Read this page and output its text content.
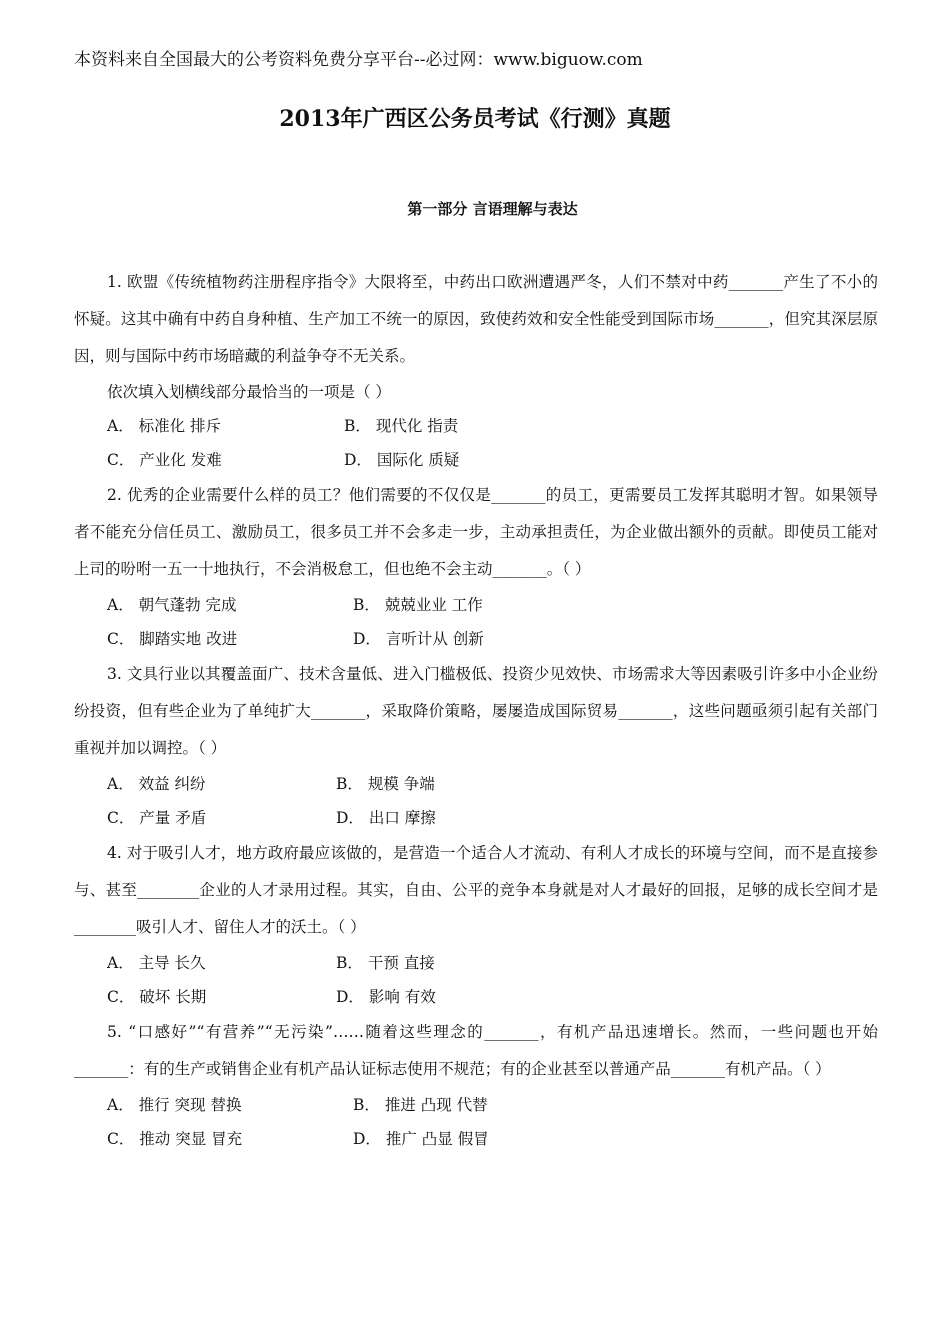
本资料来自全国最大的公考资料免费分享平台--必过网：www.biguow.com
2013年广西区公务员考试《行测》真题
第一部分 言语理解与表达

1. 欧盟《传统植物药注册程序指令》大限将至，中药出口欧洲遭遇严冬，人们不禁对中药_______产生了不小的怀疑。这其中确有中药自身种植、生产加工不统一的原因，致使药效和安全性能受到国际市场_______，但究其深层原因，则与国际中药市场暗藏的利益争夺不无关系。

依次填入划横线部分最恰当的一项是（ ）

A． 标准化 排斥	B． 现代化 指责
C． 产业化 发难	D． 国际化 质疑

2. 优秀的企业需要什么样的员工？他们需要的不仅仅是_______的员工，更需要员工发挥其聪明才智。如果领导者不能充分信任员工、激励员工，很多员工并不会多走一步，主动承担责任，为企业做出额外的贡献。即使员工能对上司的吩咐一五一十地执行，不会消极怠工，但也绝不会主动_______。（ ）

A． 朝气蓬勃 完成	B． 兢兢业业 工作
C． 脚踏实地 改进	D． 言听计从 创新

3. 文具行业以其覆盖面广、技术含量低、进入门槛极低、投资少见效快、市场需求大等因素吸引许多中小企业纷纷投资，但有些企业为了单纯扩大_______，采取降价策略，屡屡造成国际贸易_______，这些问题亟须引起有关部门重视并加以调控。（ ）

A． 效益 纠纷	B． 规模 争端
C． 产量 矛盾	D． 出口 摩擦

4. 对于吸引人才，地方政府最应该做的，是营造一个适合人才流动、有利人才成长的环境与空间，而不是直接参与、甚至________企业的人才录用过程。其实，自由、公平的竞争本身就是对人才最好的回报，足够的成长空间才是________吸引人才、留住人才的沃土。（ ）

A． 主导 长久	B． 干预 直接
C． 破坏 长期	D． 影响 有效

5. “口感好”“有营养”“无污染”……随着这些理念的_______，有机产品迅速增长。然而，一些问题也开始_______：有的生产或销售企业有机产品认证标志使用不规范；有的企业甚至以普通产品_______有机产品。（ ）

A． 推行 突现 替换	B． 推进 凸现 代替
C． 推动 突显 冒充	D． 推广 凸显 假冒
